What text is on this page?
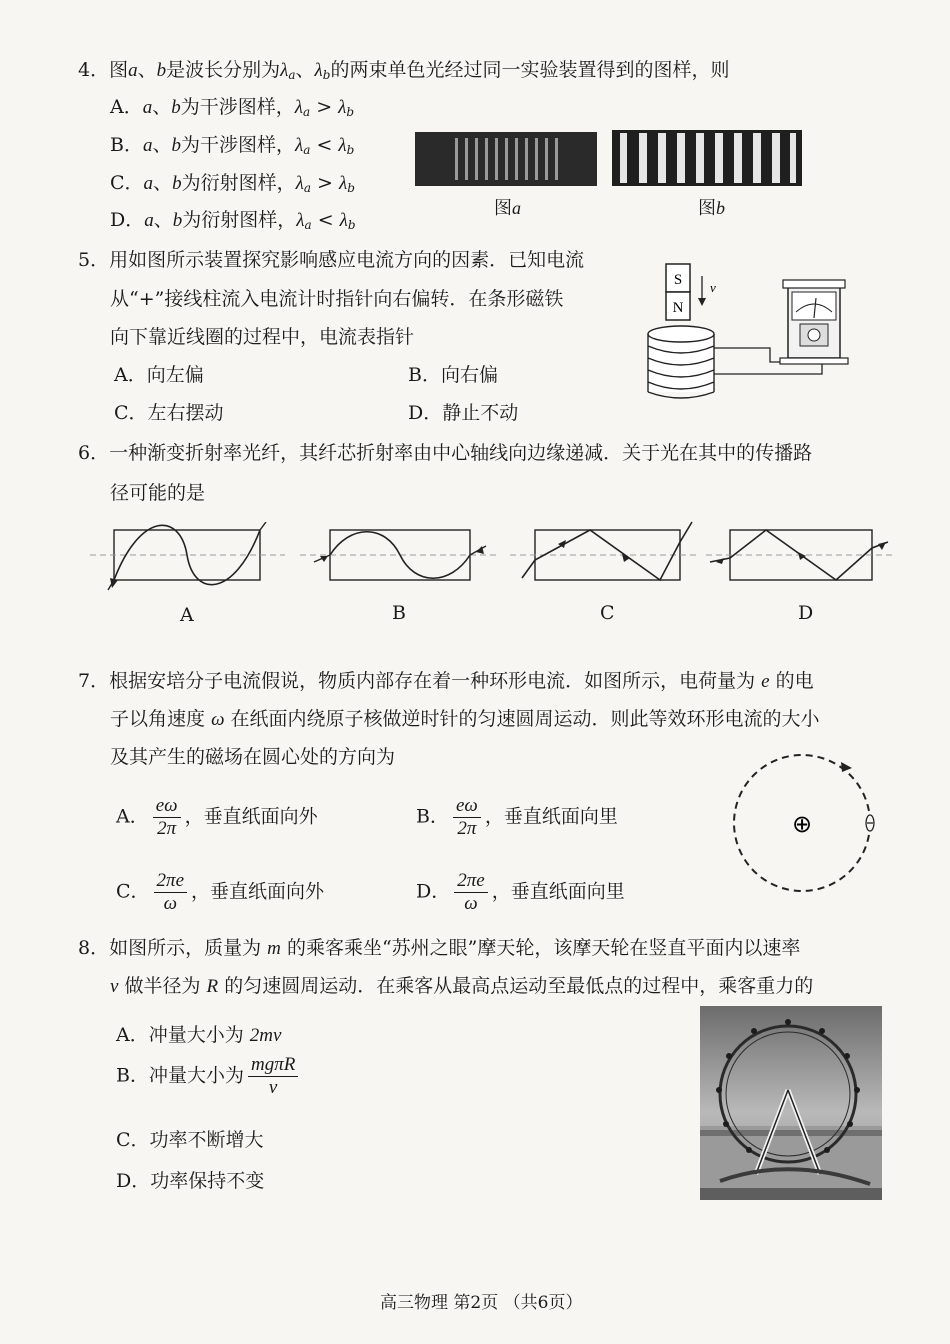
4．图a、b是波长分别为$\lambda_a$、$\lambda_b$的两束单色光经过同一实验装置得到的图样，则
A．a、b为干涉图样，$\lambda_a > \lambda_b$
B．a、b为干涉图样，$\lambda_a < \lambda_b$
C．a、b为衍射图样，$\lambda_a > \lambda_b$
D．a、b为衍射图样，$\lambda_a < \lambda_b$
图a	图b
5．用如图所示装置探究影响感应电流方向的因素．已知电流
从“+”接线柱流入电流计时指针向右偏转．在条形磁铁
向下靠近线圈的过程中，电流表指针
A．向左偏	B．向右偏
C．左右摆动	D．静止不动
S
N
v
6．一种渐变折射率光纤，其纤芯折射率由中心轴线向边缘递减．关于光在其中的传播路
径可能的是
A	B	C	D
7．根据安培分子电流假说，物质内部存在着一种环形电流．如图所示，电荷量为 e 的电
子以角速度 ω 在纸面内绕原子核做逆时针的匀速圆周运动．则此等效环形电流的大小
及其产生的磁场在圆心处的方向为
A． $\frac{e\omega}{2\pi}$ ，垂直纸面向外	B． $\frac{e\omega}{2\pi}$ ，垂直纸面向里
C． $\frac{2\pi e}{\omega}$ ，垂直纸面向外	D． $\frac{2\pi e}{\omega}$ ，垂直纸面向里
⊕
8．如图所示，质量为 m 的乘客乘坐“苏州之眼”摩天轮，该摩天轮在竖直平面内以速率
v 做半径为 R 的匀速圆周运动．在乘客从最高点运动至最低点的过程中，乘客重力的
A．冲量大小为 2mv
B．冲量大小为 $\frac{\text{mgπR}}{v}$
C．功率不断增大
D．功率保持不变
高三物理 第2页 （共6页）
